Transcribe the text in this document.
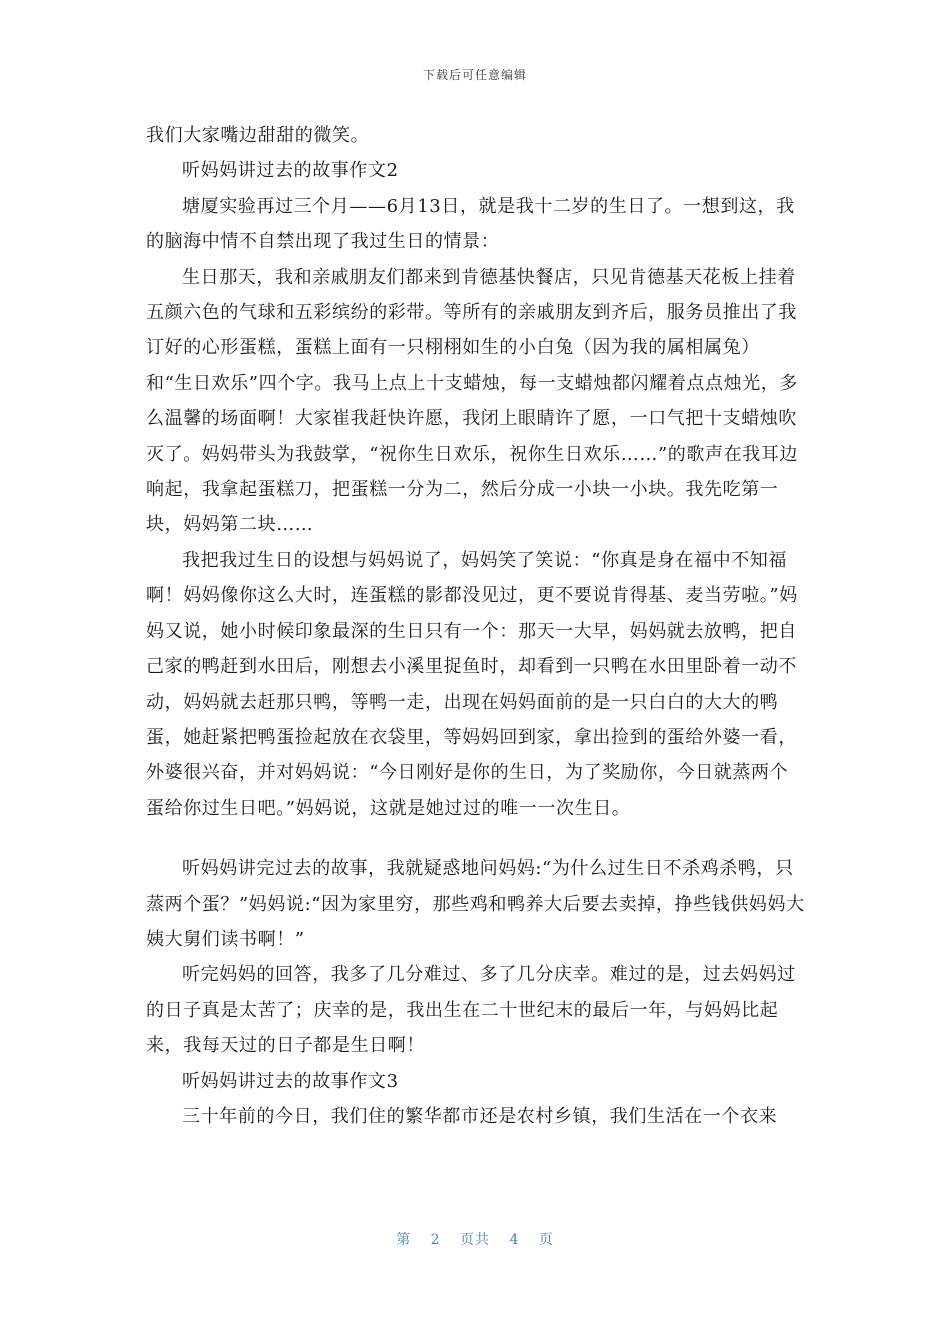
下载后可任意编辑

我们大家嘴边甜甜的微笑。

听妈妈讲过去的故事作文2

塘厦实验再过三个月——6月13日，就是我十二岁的生日了。一想到这，我的脑海中情不自禁出现了我过生日的情景：

生日那天，我和亲戚朋友们都来到肯德基快餐店，只见肯德基天花板上挂着五颜六色的气球和五彩缤纷的彩带。等所有的亲戚朋友到齐后，服务员推出了我订好的心形蛋糕，蛋糕上面有一只栩栩如生的小白兔（因为我的属相属兔）和“生日欢乐”四个字。我马上点上十支蜡烛，每一支蜡烛都闪耀着点点烛光，多么温馨的场面啊！大家崔我赶快许愿，我闭上眼睛许了愿，一口气把十支蜡烛吹灭了。妈妈带头为我鼓掌，“祝你生日欢乐，祝你生日欢乐……”的歌声在我耳边响起，我拿起蛋糕刀，把蛋糕一分为二，然后分成一小块一小块。我先吃第一块，妈妈第二块……

我把我过生日的设想与妈妈说了，妈妈笑了笑说：“你真是身在福中不知福啊！妈妈像你这么大时，连蛋糕的影都没见过，更不要说肯得基、麦当劳啦。”妈妈又说，她小时候印象最深的生日只有一个：那天一大早，妈妈就去放鸭，把自己家的鸭赶到水田后，刚想去小溪里捉鱼时，却看到一只鸭在水田里卧着一动不动，妈妈就去赶那只鸭，等鸭一走，出现在妈妈面前的是一只白白的大大的鸭蛋，她赶紧把鸭蛋捡起放在衣袋里，等妈妈回到家，拿出捡到的蛋给外婆一看，外婆很兴奋，并对妈妈说：“今日刚好是你的生日，为了奖励你，今日就蒸两个蛋给你过生日吧。”妈妈说，这就是她过过的唯一一次生日。

听妈妈讲完过去的故事，我就疑惑地问妈妈:“为什么过生日不杀鸡杀鸭，只蒸两个蛋？”妈妈说:“因为家里穷，那些鸡和鸭养大后要去卖掉，挣些钱供妈妈大姨大舅们读书啊！”

听完妈妈的回答，我多了几分难过、多了几分庆幸。难过的是，过去妈妈过的日子真是太苦了；庆幸的是，我出生在二十世纪末的最后一年，与妈妈比起来，我每天过的日子都是生日啊！

听妈妈讲过去的故事作文3

三十年前的今日，我们住的繁华都市还是农村乡镇，我们生活在一个衣来

第 2 页共 4 页
